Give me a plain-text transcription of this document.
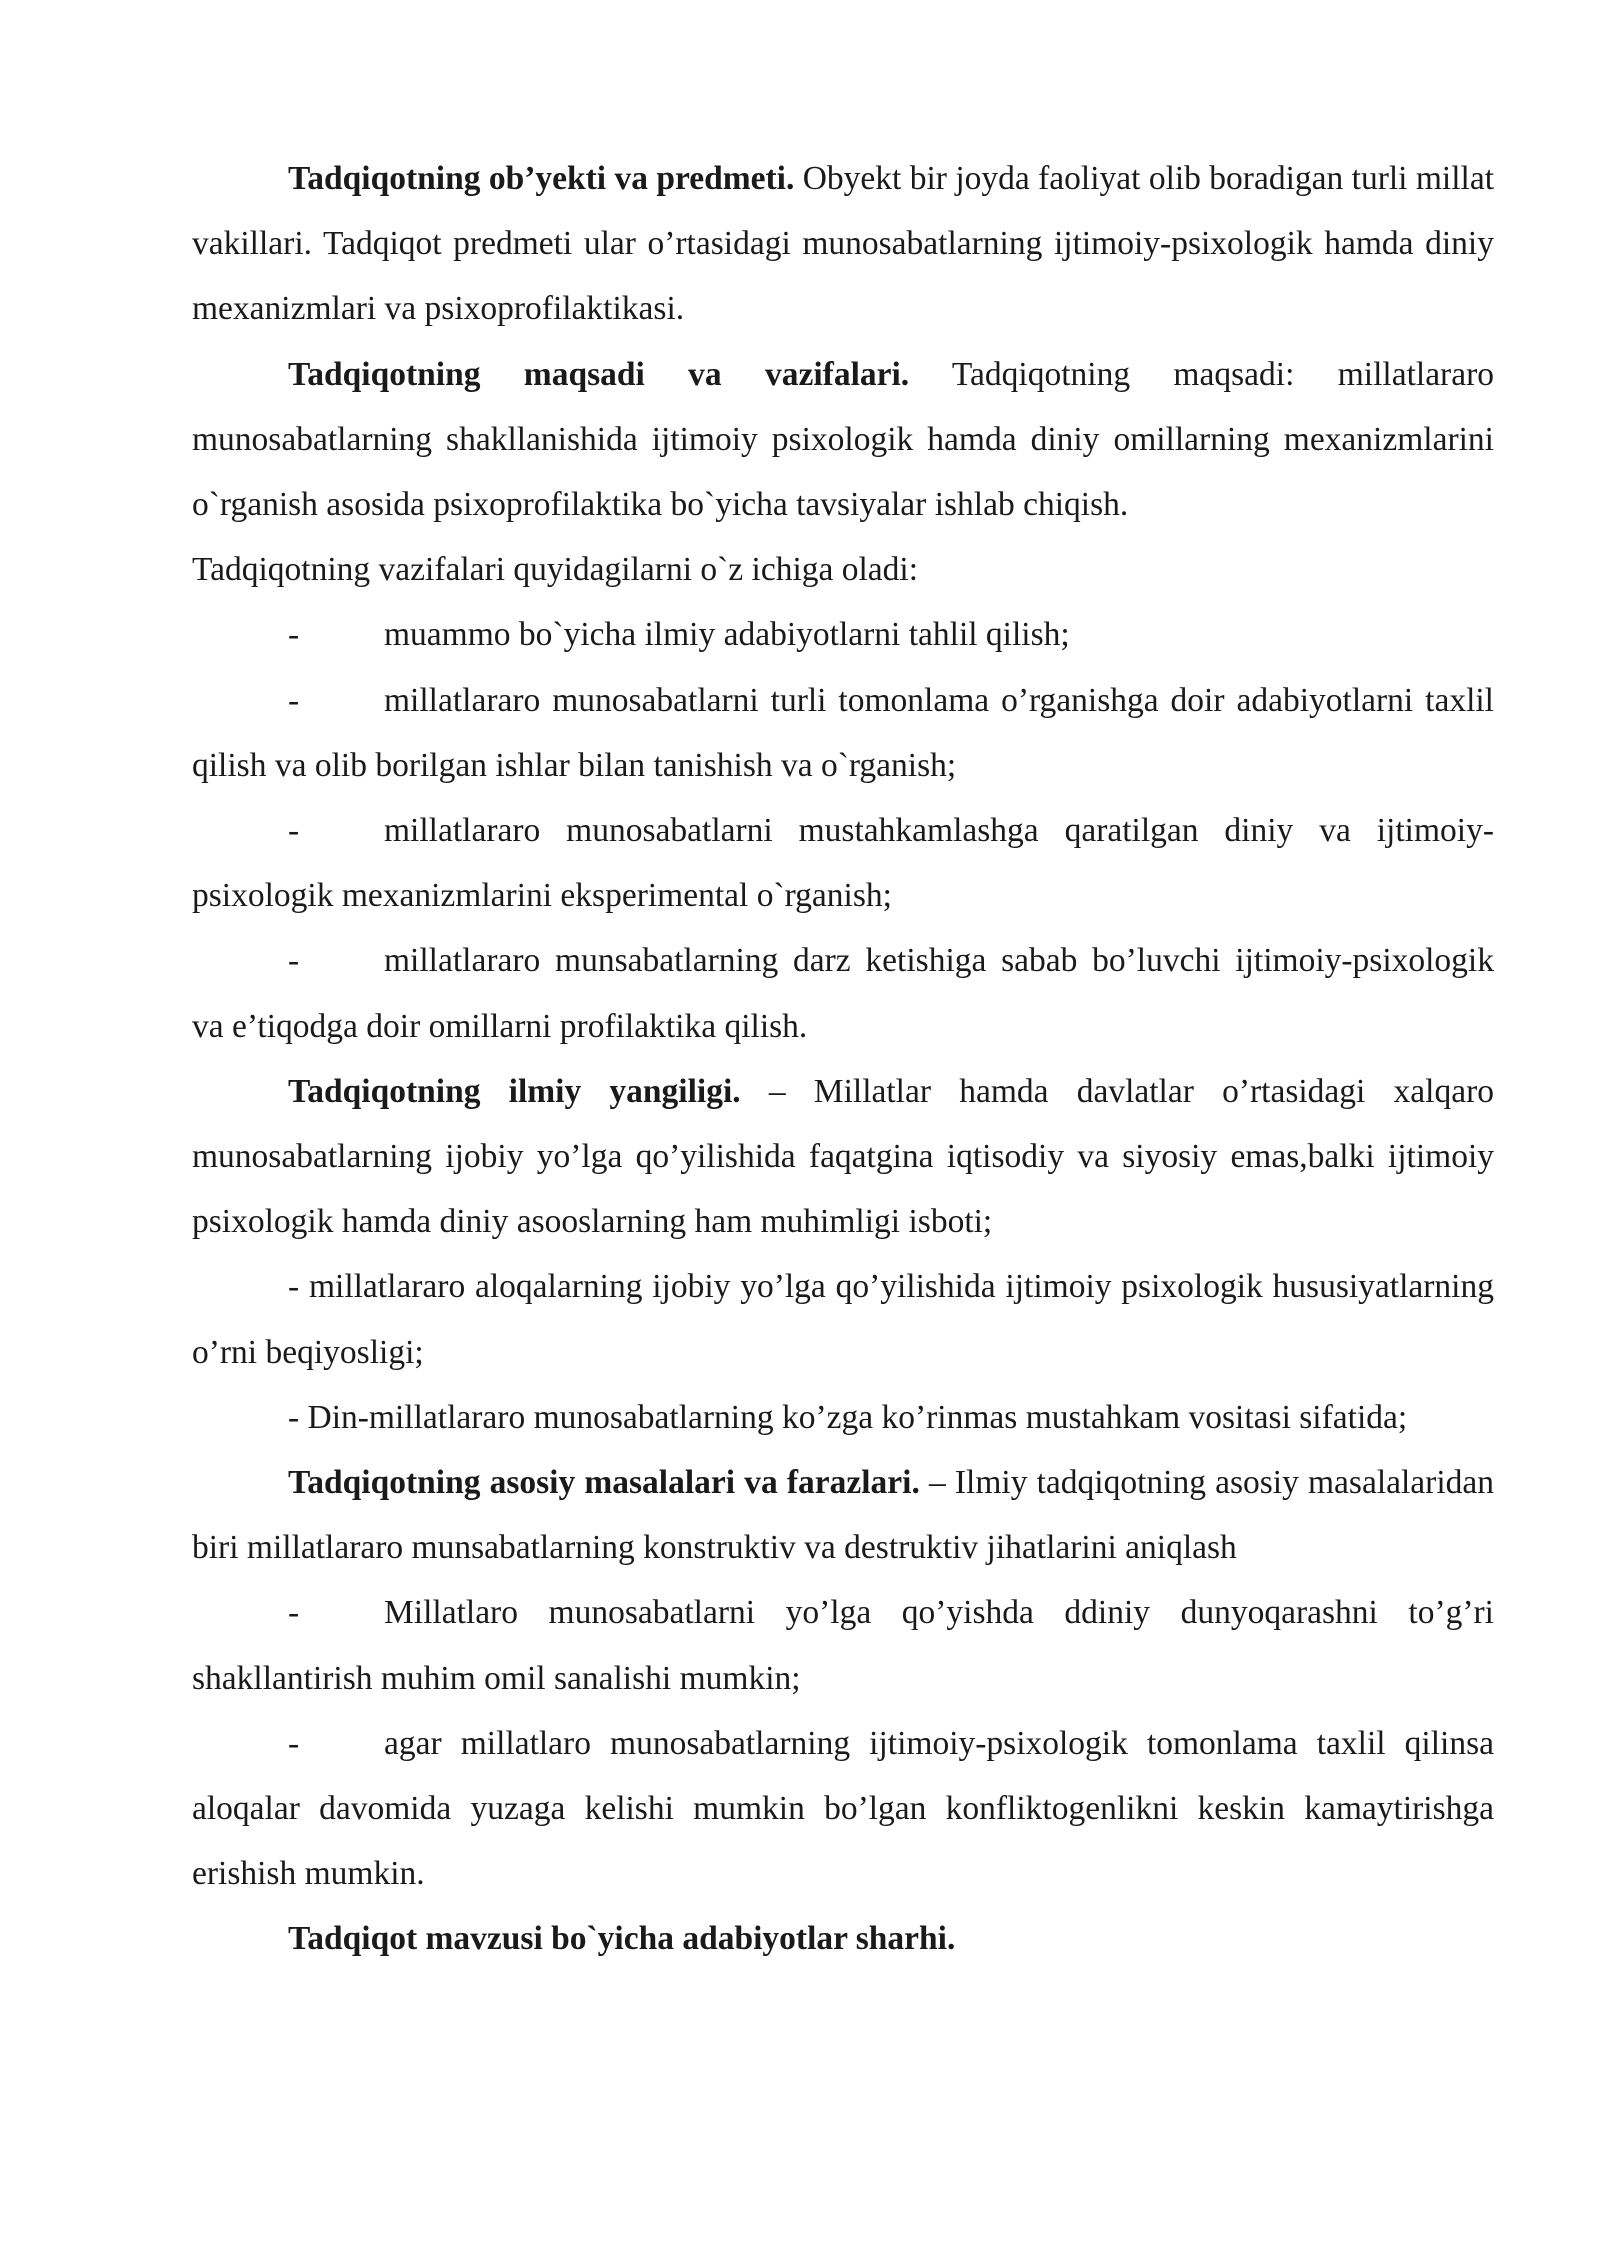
Tadqiqotning ob’yekti va predmeti. Obyekt bir joyda faoliyat olib boradigan turli millat vakillari. Tadqiqot predmeti ular o’rtasidagi munosabatlarning ijtimoiy-psixologik hamda diniy mexanizmlari va psixoprofilaktikasi.

Tadqiqotning maqsadi va vazifalari. Tadqiqotning maqsadi: millatlararo munosabatlarning shakllanishida ijtimoiy psixologik hamda diniy omillarning mexanizmlarini o`rganish asosida psixoprofilaktika bo`yicha tavsiyalar ishlab chiqish.

Tadqiqotning vazifalari quyidagilarni o`z ichiga oladi:

-	muammo bo`yicha ilmiy adabiyotlarni tahlil qilish;

-	millatlararo munosabatlarni turli tomonlama o’rganishga doir adabiyotlarni taxlil qilish va olib borilgan ishlar bilan tanishish va o`rganish;

-	millatlararo munosabatlarni mustahkamlashga qaratilgan diniy va ijtimoiy-psixologik mexanizmlarini eksperimental o`rganish;

-	millatlararo munsabatlarning darz ketishiga sabab bo’luvchi ijtimoiy-psixologik va e’tiqodga doir omillarni profilaktika qilish.

Tadqiqotning ilmiy yangiligi. – Millatlar hamda davlatlar o’rtasidagi xalqaro munosabatlarning ijobiy yo’lga qo’yilishida faqatgina iqtisodiy va siyosiy emas,balki ijtimoiy psixologik hamda diniy asooslarning ham muhimligi isboti;

- millatlararo aloqalarning ijobiy yo’lga qo’yilishida ijtimoiy psixologik hususiyatlarning o’rni beqiyosligi;

- Din-millatlararo munosabatlarning ko’zga ko’rinmas mustahkam vositasi sifatida;

Tadqiqotning asosiy masalalari va farazlari. – Ilmiy tadqiqotning asosiy masalalaridan biri millatlararo munsabatlarning konstruktiv va destruktiv jihatlarini aniqlash

-	Millatlaro munosabatlarni yo’lga qo’yishda ddiniy dunyoqarashni to’g’ri shakllantirish muhim omil sanalishi mumkin;

-	agar millatlaro munosabatlarning ijtimoiy-psixologik tomonlama taxlil qilinsa aloqalar davomida yuzaga kelishi mumkin bo’lgan konfliktogenlikni keskin kamaytirishga erishish mumkin.

Tadqiqot mavzusi bo`yicha adabiyotlar sharhi.
